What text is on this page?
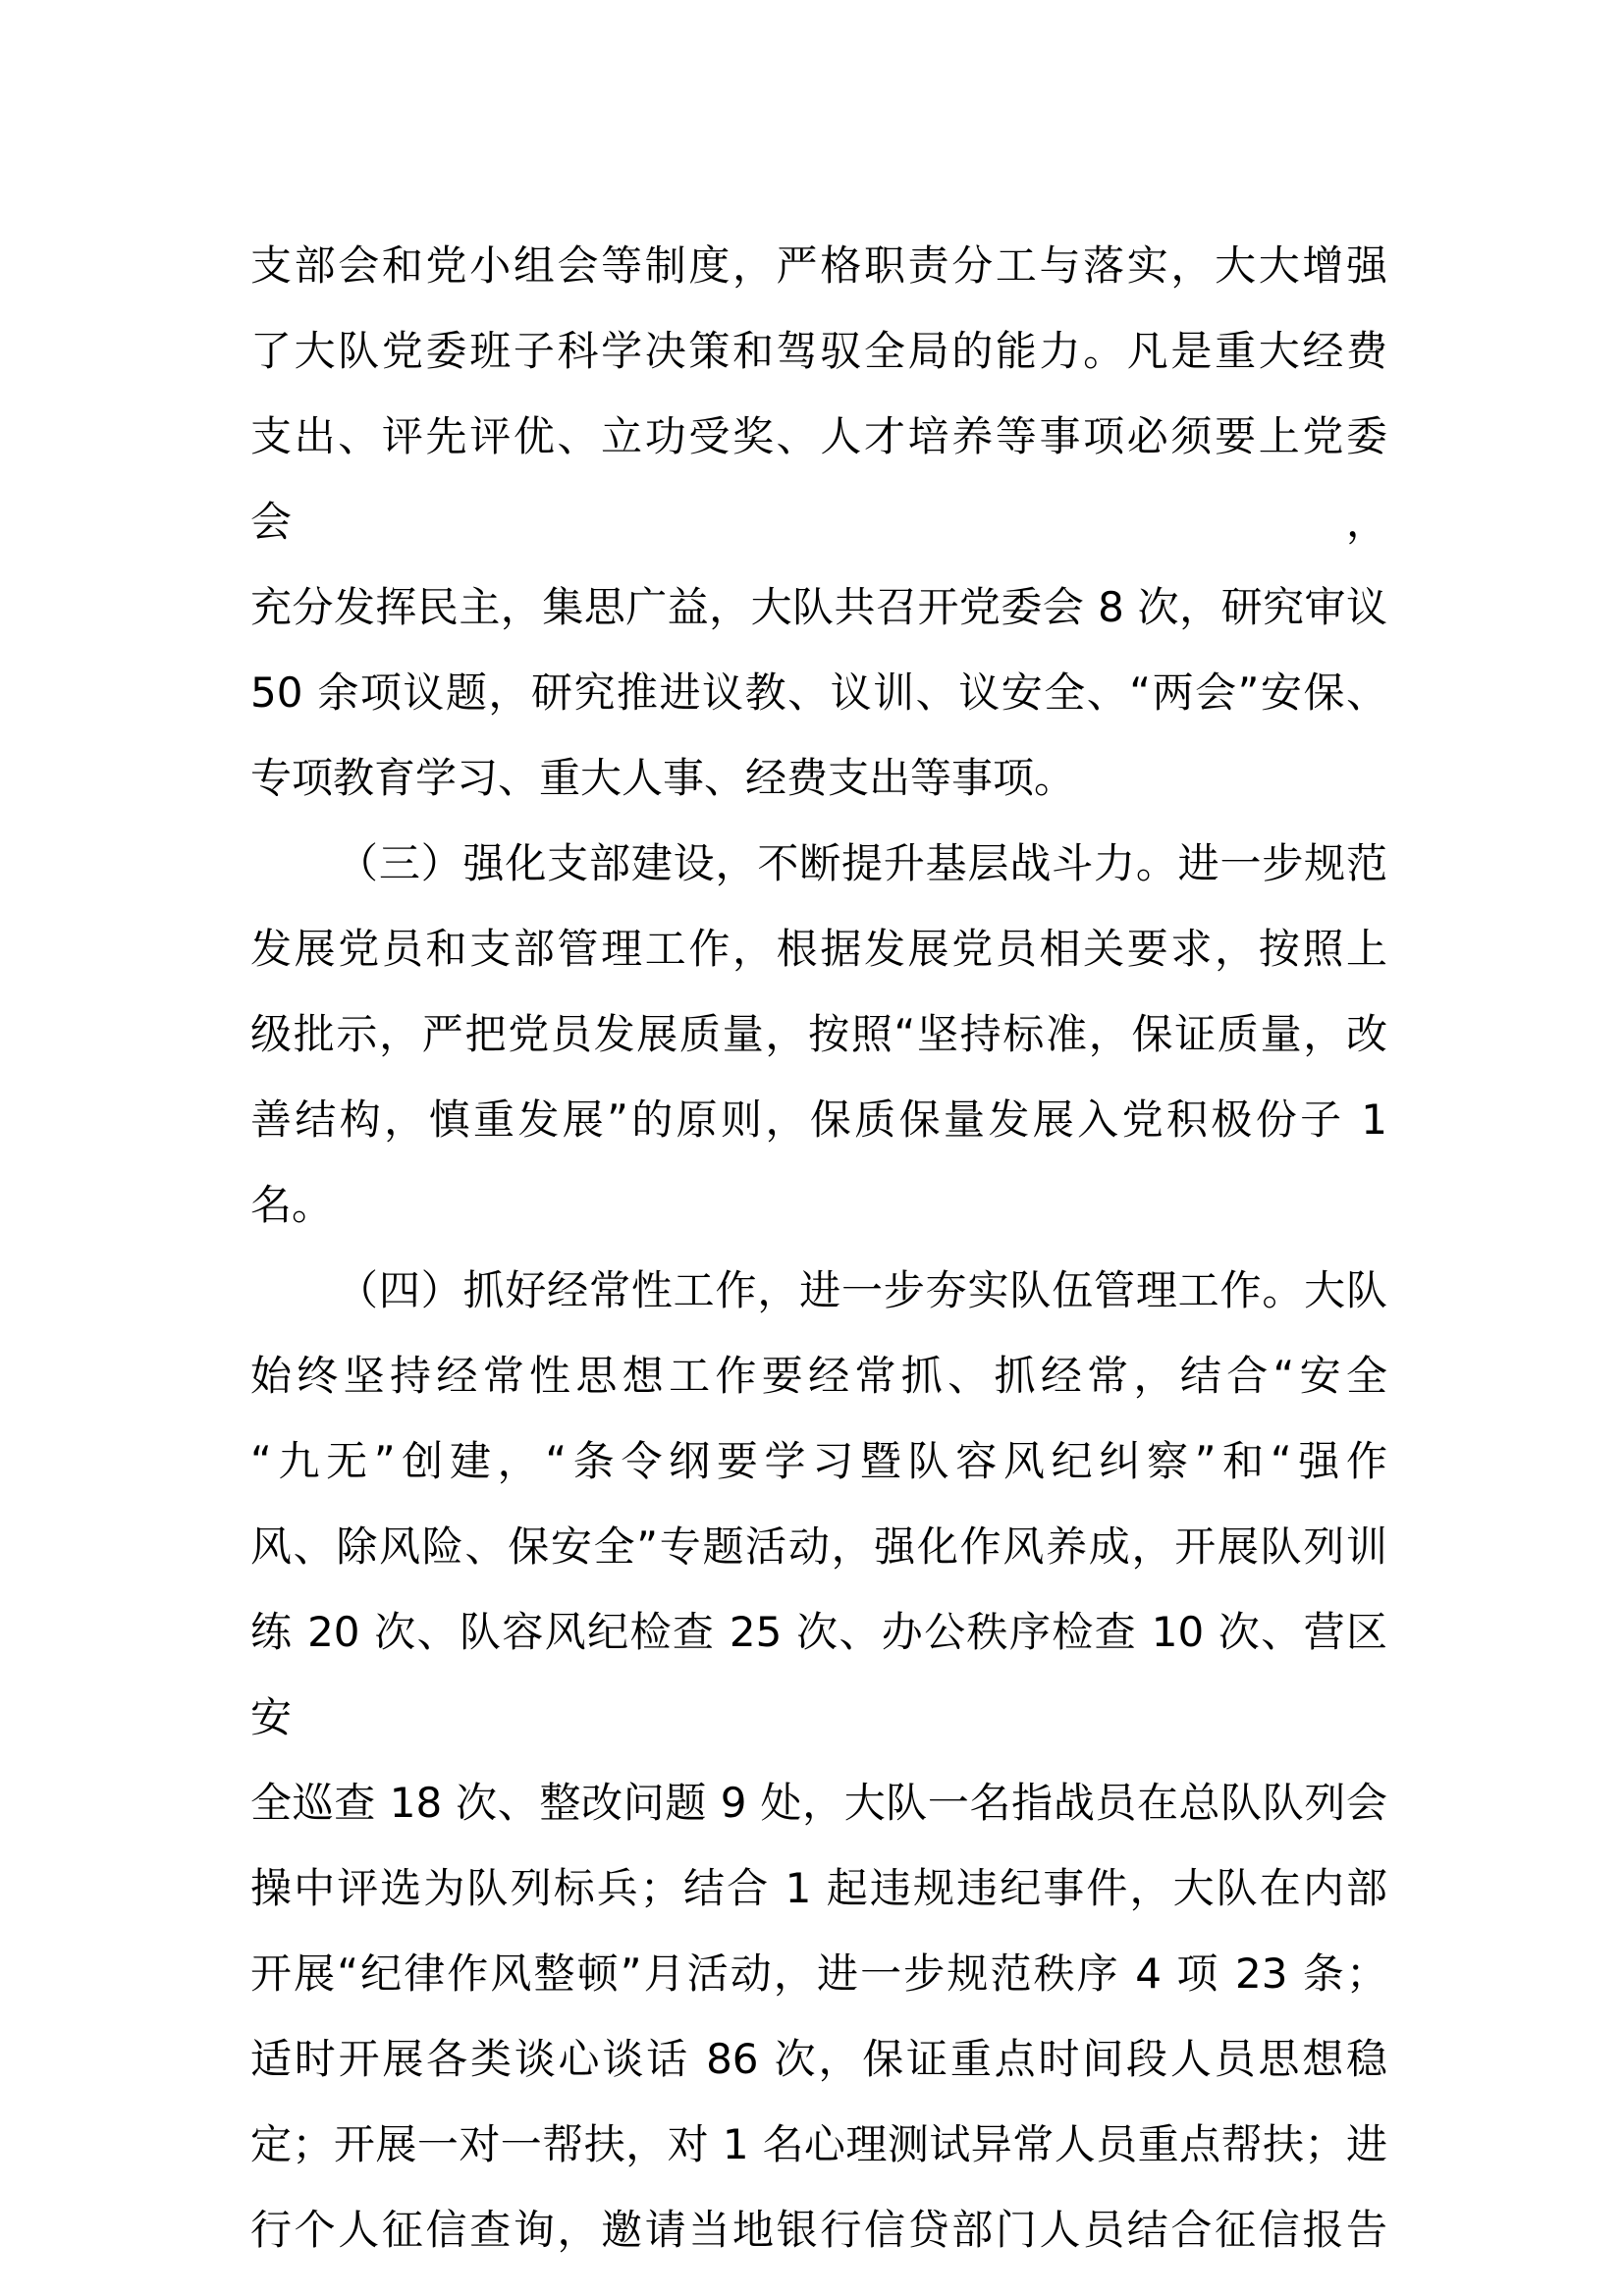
支部会和党小组会等制度，严格职责分工与落实，大大增强
了大队党委班子科学决策和驾驭全局的能力。凡是重大经费
支出、评先评优、立功受奖、人才培养等事项必须要上党委会，
充分发挥民主，集思广益，大队共召开党委会 8 次，研究审议
50 余项议题，研究推进议教、议训、议安全、“两会”安保、
专项教育学习、重大人事、经费支出等事项。
（三）强化支部建设，不断提升基层战斗力。进一步规范
发展党员和支部管理工作，根据发展党员相关要求，按照上
级批示，严把党员发展质量，按照“坚持标准，保证质量，改
善结构，慎重发展”的原则，保质保量发展入党积极份子 1
名。
（四）抓好经常性工作，进一步夯实队伍管理工作。大队
始终坚持经常性思想工作要经常抓、抓经常，结合“安全
“九无”创建，“条令纲要学习暨队容风纪纠察”和“强作
风、除风险、保安全”专题活动，强化作风养成，开展队列训
练 20 次、队容风纪检查 25 次、办公秩序检查 10 次、营区安
全巡查 18 次、整改问题 9 处，大队一名指战员在总队队列会
操中评选为队列标兵；结合 1 起违规违纪事件，大队在内部
开展“纪律作风整顿”月活动，进一步规范秩序 4 项 23 条；
适时开展各类谈心谈话 86 次，保证重点时间段人员思想稳
定；开展一对一帮扶，对 1 名心理测试异常人员重点帮扶；进
行个人征信查询，邀请当地银行信贷部门人员结合征信报告
